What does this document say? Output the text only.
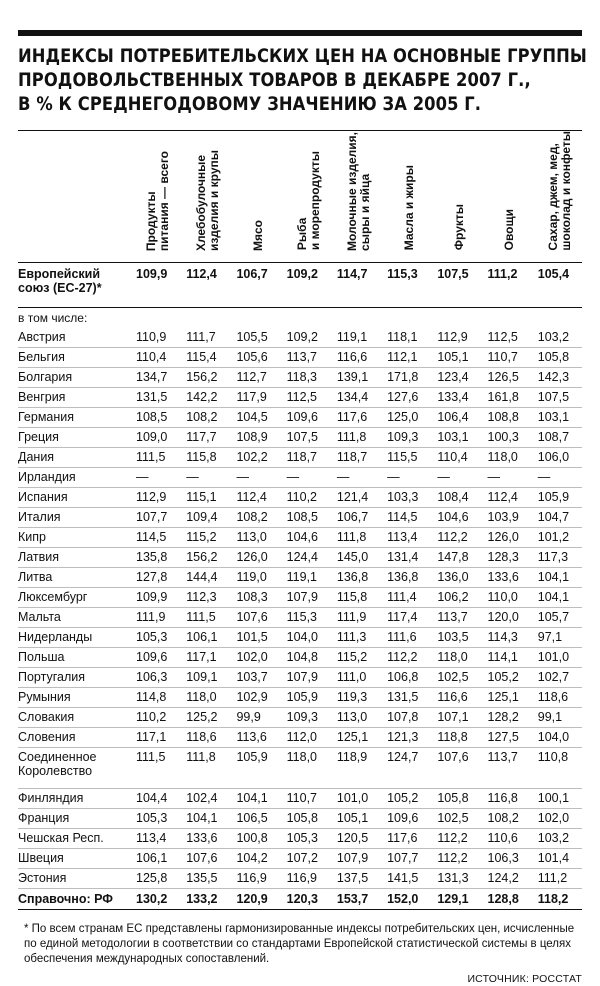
ИНДЕКСЫ ПОТРЕБИТЕЛЬСКИХ ЦЕН НА ОСНОВНЫЕ ГРУППЫ
ПРОДОВОЛЬСТВЕННЫХ ТОВАРОВ В ДЕКАБРЕ 2007 Г.,
В % К СРЕДНЕГОДОВОМУ ЗНАЧЕНИЮ ЗА 2005 Г.
	Продукты
питания — всего	Хлебобулочные
изделия и крупы	Мясо	Рыба
и морепродукты	Молочные изделия,
сыры и яйца	Масла и жиры	Фрукты	Овощи	Сахар, джем, мед,
шоколад и конфеты
Европейский союз (ЕС-27)*	109,9	112,4	106,7	109,2	114,7	115,3	107,5	111,2	105,4
в том числе:									
Австрия	110,9	111,7	105,5	109,2	119,1	118,1	112,9	112,5	103,2
Бельгия	110,4	115,4	105,6	113,7	116,6	112,1	105,1	110,7	105,8
Болгария	134,7	156,2	112,7	118,3	139,1	171,8	123,4	126,5	142,3
Венгрия	131,5	142,2	117,9	112,5	134,4	127,6	133,4	161,8	107,5
Германия	108,5	108,2	104,5	109,6	117,6	125,0	106,4	108,8	103,1
Греция	109,0	117,7	108,9	107,5	111,8	109,3	103,1	100,3	108,7
Дания	111,5	115,8	102,2	118,7	118,7	115,5	110,4	118,0	106,0
Ирландия	—	—	—	—	—	—	—	—	—
Испания	112,9	115,1	112,4	110,2	121,4	103,3	108,4	112,4	105,9
Италия	107,7	109,4	108,2	108,5	106,7	114,5	104,6	103,9	104,7
Кипр	114,5	115,2	113,0	104,6	111,8	113,4	112,2	126,0	101,2
Латвия	135,8	156,2	126,0	124,4	145,0	131,4	147,8	128,3	117,3
Литва	127,8	144,4	119,0	119,1	136,8	136,8	136,0	133,6	104,1
Люксембург	109,9	112,3	108,3	107,9	115,8	111,4	106,2	110,0	104,1
Мальта	111,9	111,5	107,6	115,3	111,9	117,4	113,7	120,0	105,7
Нидерланды	105,3	106,1	101,5	104,0	111,3	111,6	103,5	114,3	97,1
Польша	109,6	117,1	102,0	104,8	115,2	112,2	118,0	114,1	101,0
Португалия	106,3	109,1	103,7	107,9	111,0	106,8	102,5	105,2	102,7
Румыния	114,8	118,0	102,9	105,9	119,3	131,5	116,6	125,1	118,6
Словакия	110,2	125,2	99,9	109,3	113,0	107,8	107,1	128,2	99,1
Словения	117,1	118,6	113,6	112,0	125,1	121,3	118,8	127,5	104,0
Соединенное Королевство	111,5	111,8	105,9	118,0	118,9	124,7	107,6	113,7	110,8
Финляндия	104,4	102,4	104,1	110,7	101,0	105,2	105,8	116,8	100,1
Франция	105,3	104,1	106,5	105,8	105,1	109,6	102,5	108,2	102,0
Чешская Респ.	113,4	133,6	100,8	105,3	120,5	117,6	112,2	110,6	103,2
Швеция	106,1	107,6	104,2	107,2	107,9	107,7	112,2	106,3	101,4
Эстония	125,8	135,5	116,9	116,9	137,5	141,5	131,3	124,2	111,2
Справочно: РФ	130,2	133,2	120,9	120,3	153,7	152,0	129,1	128,8	118,2
* По всем странам ЕС представлены гармонизированные индексы потребительских цен, исчисленные по единой методологии в соответствии со стандартами Европейской статистической системы в целях обеспечения международных сопоставлений.
ИСТОЧНИК: РОССТАТ
